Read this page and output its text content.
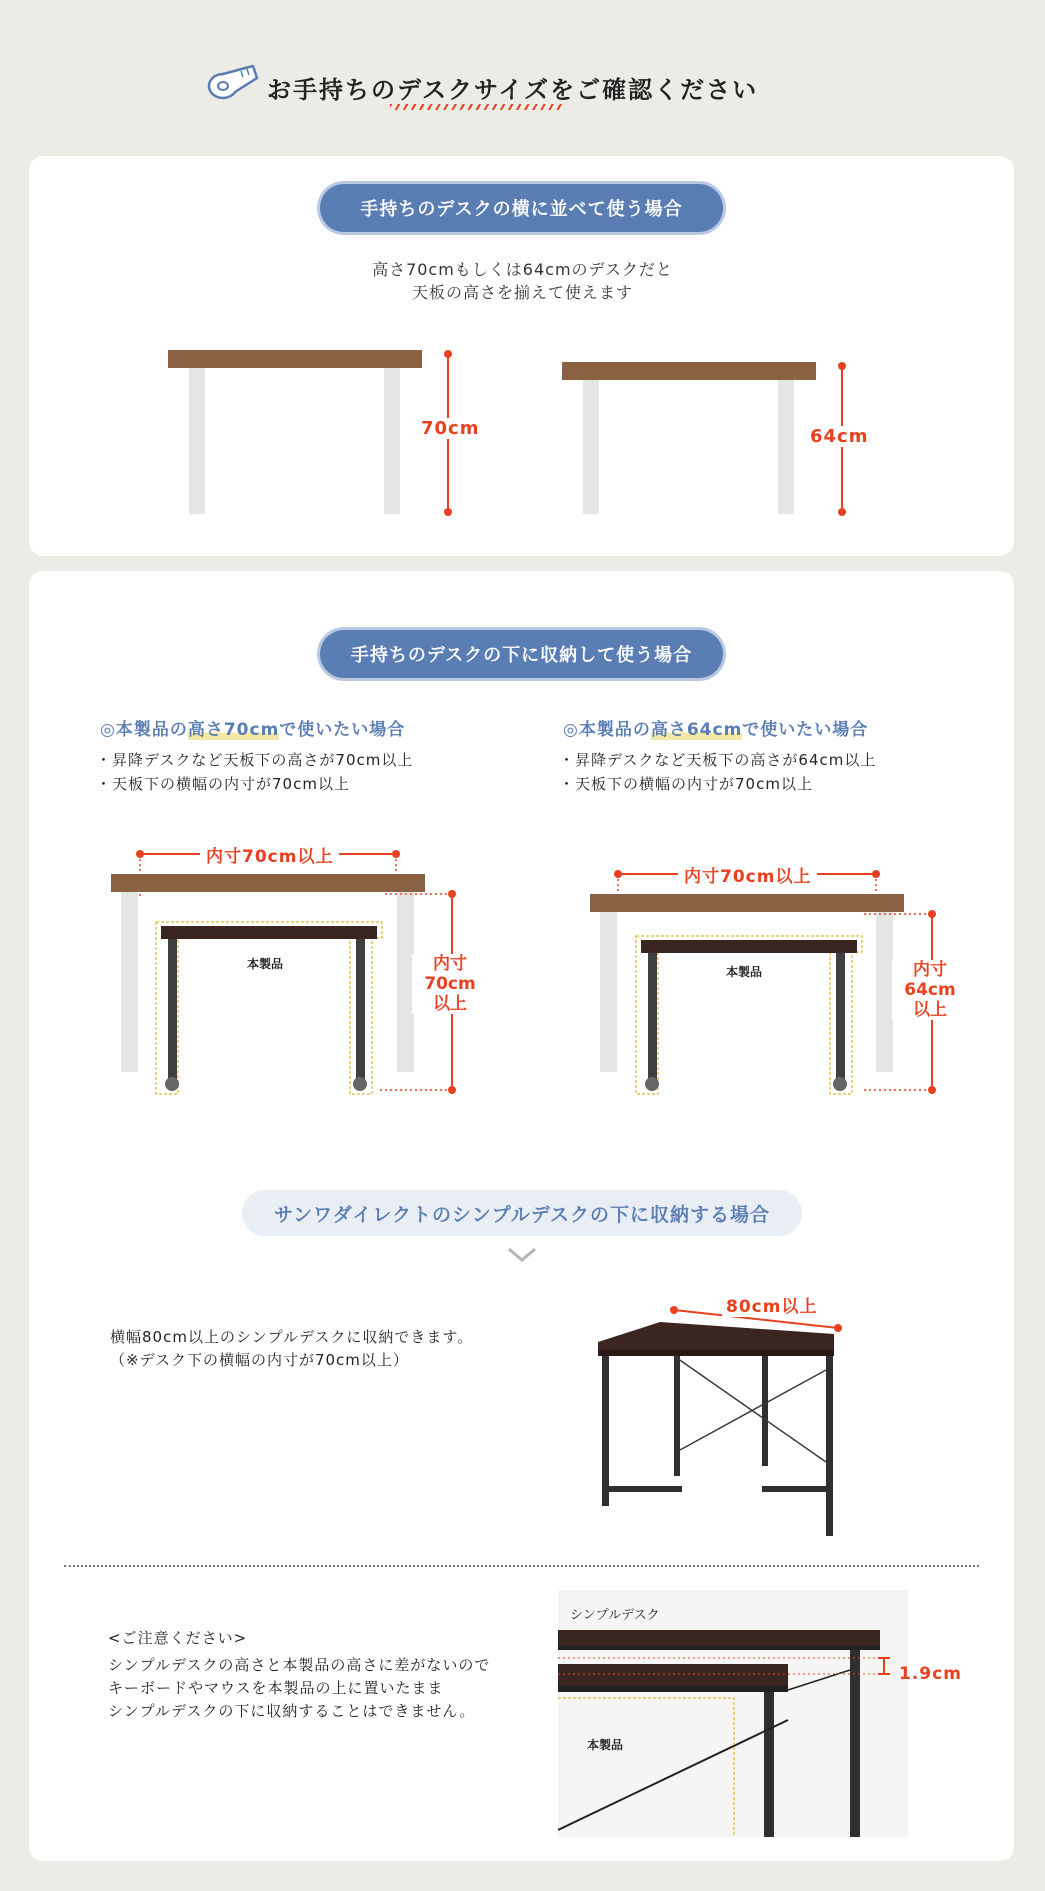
お手持ちのデスクサイズをご確認ください
手持ちのデスクの横に並べて使う場合
高さ70cmもしくは64cmのデスクだと
天板の高さを揃えて使えます
70cm	64cm
手持ちのデスクの下に収納して使う場合
◎本製品の高さ70cmで使いたい場合
・昇降デスクなど天板下の高さが70cm以上
・天板下の横幅の内寸が70cm以上
◎本製品の高さ64cmで使いたい場合
・昇降デスクなど天板下の高さが64cm以上
・天板下の横幅の内寸が70cm以上
内寸70cm以上
内寸
70cm
以上
本製品
内寸70cm以上
内寸
64cm
以上
本製品
サンワダイレクトのシンプルデスクの下に収納する場合
横幅80cm以上のシンプルデスクに収納できます。
（※デスク下の横幅の内寸が70cm以上）
80cm以上
<ご注意ください>
シンプルデスクの高さと本製品の高さに差がないので
キーボードやマウスを本製品の上に置いたまま
シンプルデスクの下に収納することはできません。
シンプルデスク
本製品
1.9cm
